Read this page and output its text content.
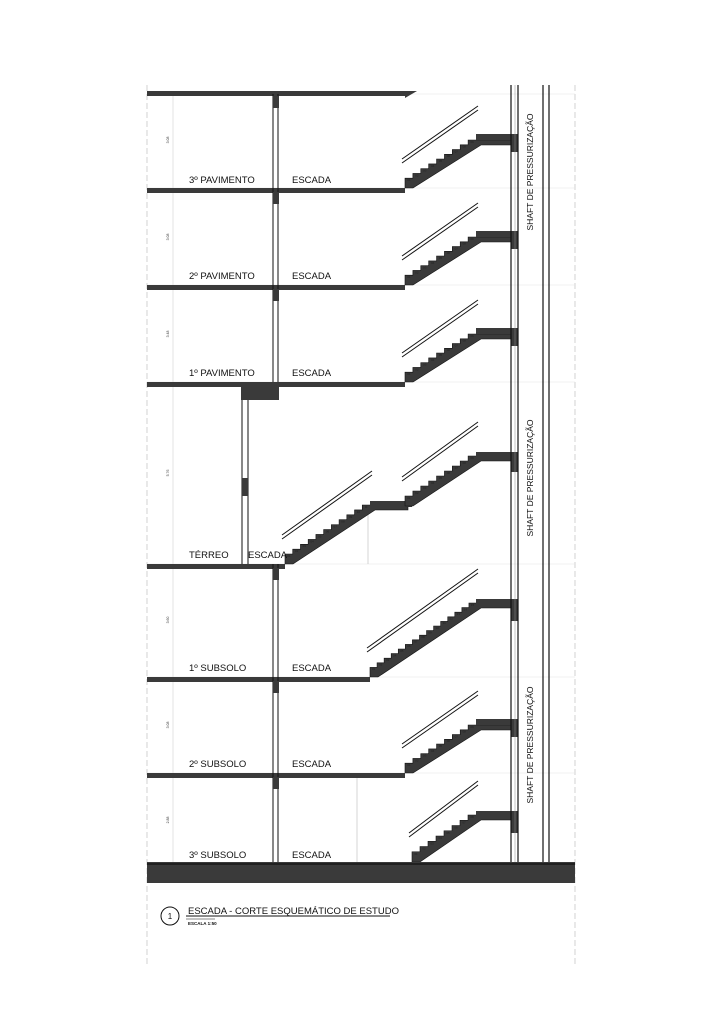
01
02
03
04
05
06
07
08
09
01
02
03
04
05
06
07
08
09
01
02
03
04
05
06
07
08
09
01
02
03
04
05
06
07
08
09
01
02
03
04
05
06
07
08
01
02
03
04
05
06
07
08
09
10
11
12
13
14
15
01
02
03
04
05
06
07
08
09
10
11
01
02
03
04
05
06
07
08
09
3º PAVIMENTO	ESCADA
2º PAVIMENTO	ESCADA
1º PAVIMENTO	ESCADA
TÉRREO ESCADA
1º SUBSOLO	ESCADA
2º SUBSOLO	ESCADA
3º SUBSOLO	ESCADA
3.08
3.08
3.48
5.76
3.60
3.08
2.88
SHAFT DE PRESSURIZAÇÃO
SHAFT DE PRESSURIZAÇÃO
SHAFT DE PRESSURIZAÇÃO
1 ESCADA - CORTE ESQUEMÁTICO DE ESTUDO
ESCALA 1:50
